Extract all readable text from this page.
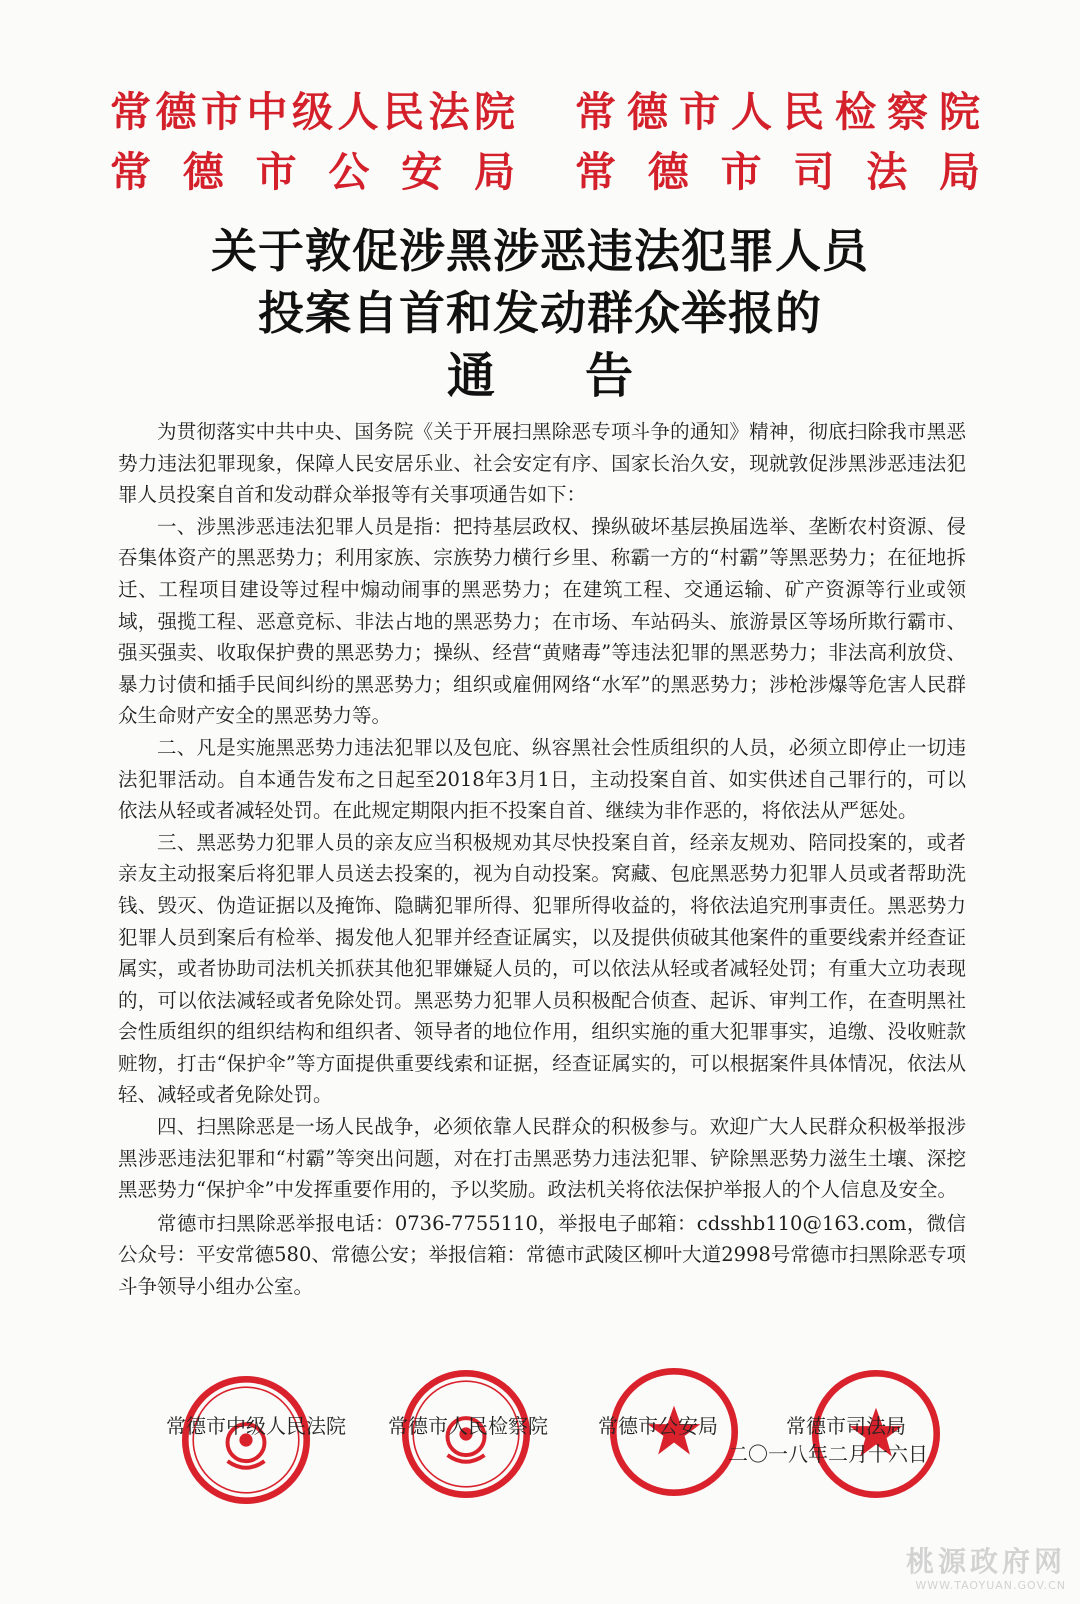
常德市中级人民法院 常德市人民检察院
常德市公安局 常德市司法局
关于敦促涉黑涉恶违法犯罪人员
投案自首和发动群众举报的
通告

为贯彻落实中共中央、国务院《关于开展扫黑除恶专项斗争的通知》精神，彻底扫除我市黑恶势力违法犯罪现象，保障人民安居乐业、社会安定有序、国家长治久安，现就敦促涉黑涉恶违法犯罪人员投案自首和发动群众举报等有关事项通告如下：

一、涉黑涉恶违法犯罪人员是指：把持基层政权、操纵破坏基层换届选举、垄断农村资源、侵吞集体资产的黑恶势力；利用家族、宗族势力横行乡里、称霸一方的“村霸”等黑恶势力；在征地拆迁、工程项目建设等过程中煽动闹事的黑恶势力；在建筑工程、交通运输、矿产资源等行业或领域，强揽工程、恶意竞标、非法占地的黑恶势力；在市场、车站码头、旅游景区等场所欺行霸市、强买强卖、收取保护费的黑恶势力；操纵、经营“黄赌毒”等违法犯罪的黑恶势力；非法高利放贷、暴力讨债和插手民间纠纷的黑恶势力；组织或雇佣网络“水军”的黑恶势力；涉枪涉爆等危害人民群众生命财产安全的黑恶势力等。

二、凡是实施黑恶势力违法犯罪以及包庇、纵容黑社会性质组织的人员，必须立即停止一切违法犯罪活动。自本通告发布之日起至2018年3月1日，主动投案自首、如实供述自己罪行的，可以依法从轻或者减轻处罚。在此规定期限内拒不投案自首、继续为非作恶的，将依法从严惩处。

三、黑恶势力犯罪人员的亲友应当积极规劝其尽快投案自首，经亲友规劝、陪同投案的，或者亲友主动报案后将犯罪人员送去投案的，视为自动投案。窝藏、包庇黑恶势力犯罪人员或者帮助洗钱、毁灭、伪造证据以及掩饰、隐瞒犯罪所得、犯罪所得收益的，将依法追究刑事责任。黑恶势力犯罪人员到案后有检举、揭发他人犯罪并经查证属实，以及提供侦破其他案件的重要线索并经查证属实，或者协助司法机关抓获其他犯罪嫌疑人员的，可以依法从轻或者减轻处罚；有重大立功表现的，可以依法减轻或者免除处罚。黑恶势力犯罪人员积极配合侦查、起诉、审判工作，在查明黑社会性质组织的组织结构和组织者、领导者的地位作用，组织实施的重大犯罪事实，追缴、没收赃款赃物，打击“保护伞”等方面提供重要线索和证据，经查证属实的，可以根据案件具体情况，依法从轻、减轻或者免除处罚。

四、扫黑除恶是一场人民战争，必须依靠人民群众的积极参与。欢迎广大人民群众积极举报涉黑涉恶违法犯罪和“村霸”等突出问题，对在打击黑恶势力违法犯罪、铲除黑恶势力滋生土壤、深挖黑恶势力“保护伞”中发挥重要作用的，予以奖励。政法机关将依法保护举报人的个人信息及安全。

常德市扫黑除恶举报电话：0736-7755110，举报电子邮箱：cdsshb110@163.com，微信公众号：平安常德580、常德公安；举报信箱：常德市武陵区柳叶大道2998号常德市扫黑除恶专项斗争领导小组办公室。

常德市中级人民法院 常德市人民检察院	常德市公安局	常德市司法局
二〇一八年二月十六日
桃源政府网
WWW.TAOYUAN.GOV.CN
